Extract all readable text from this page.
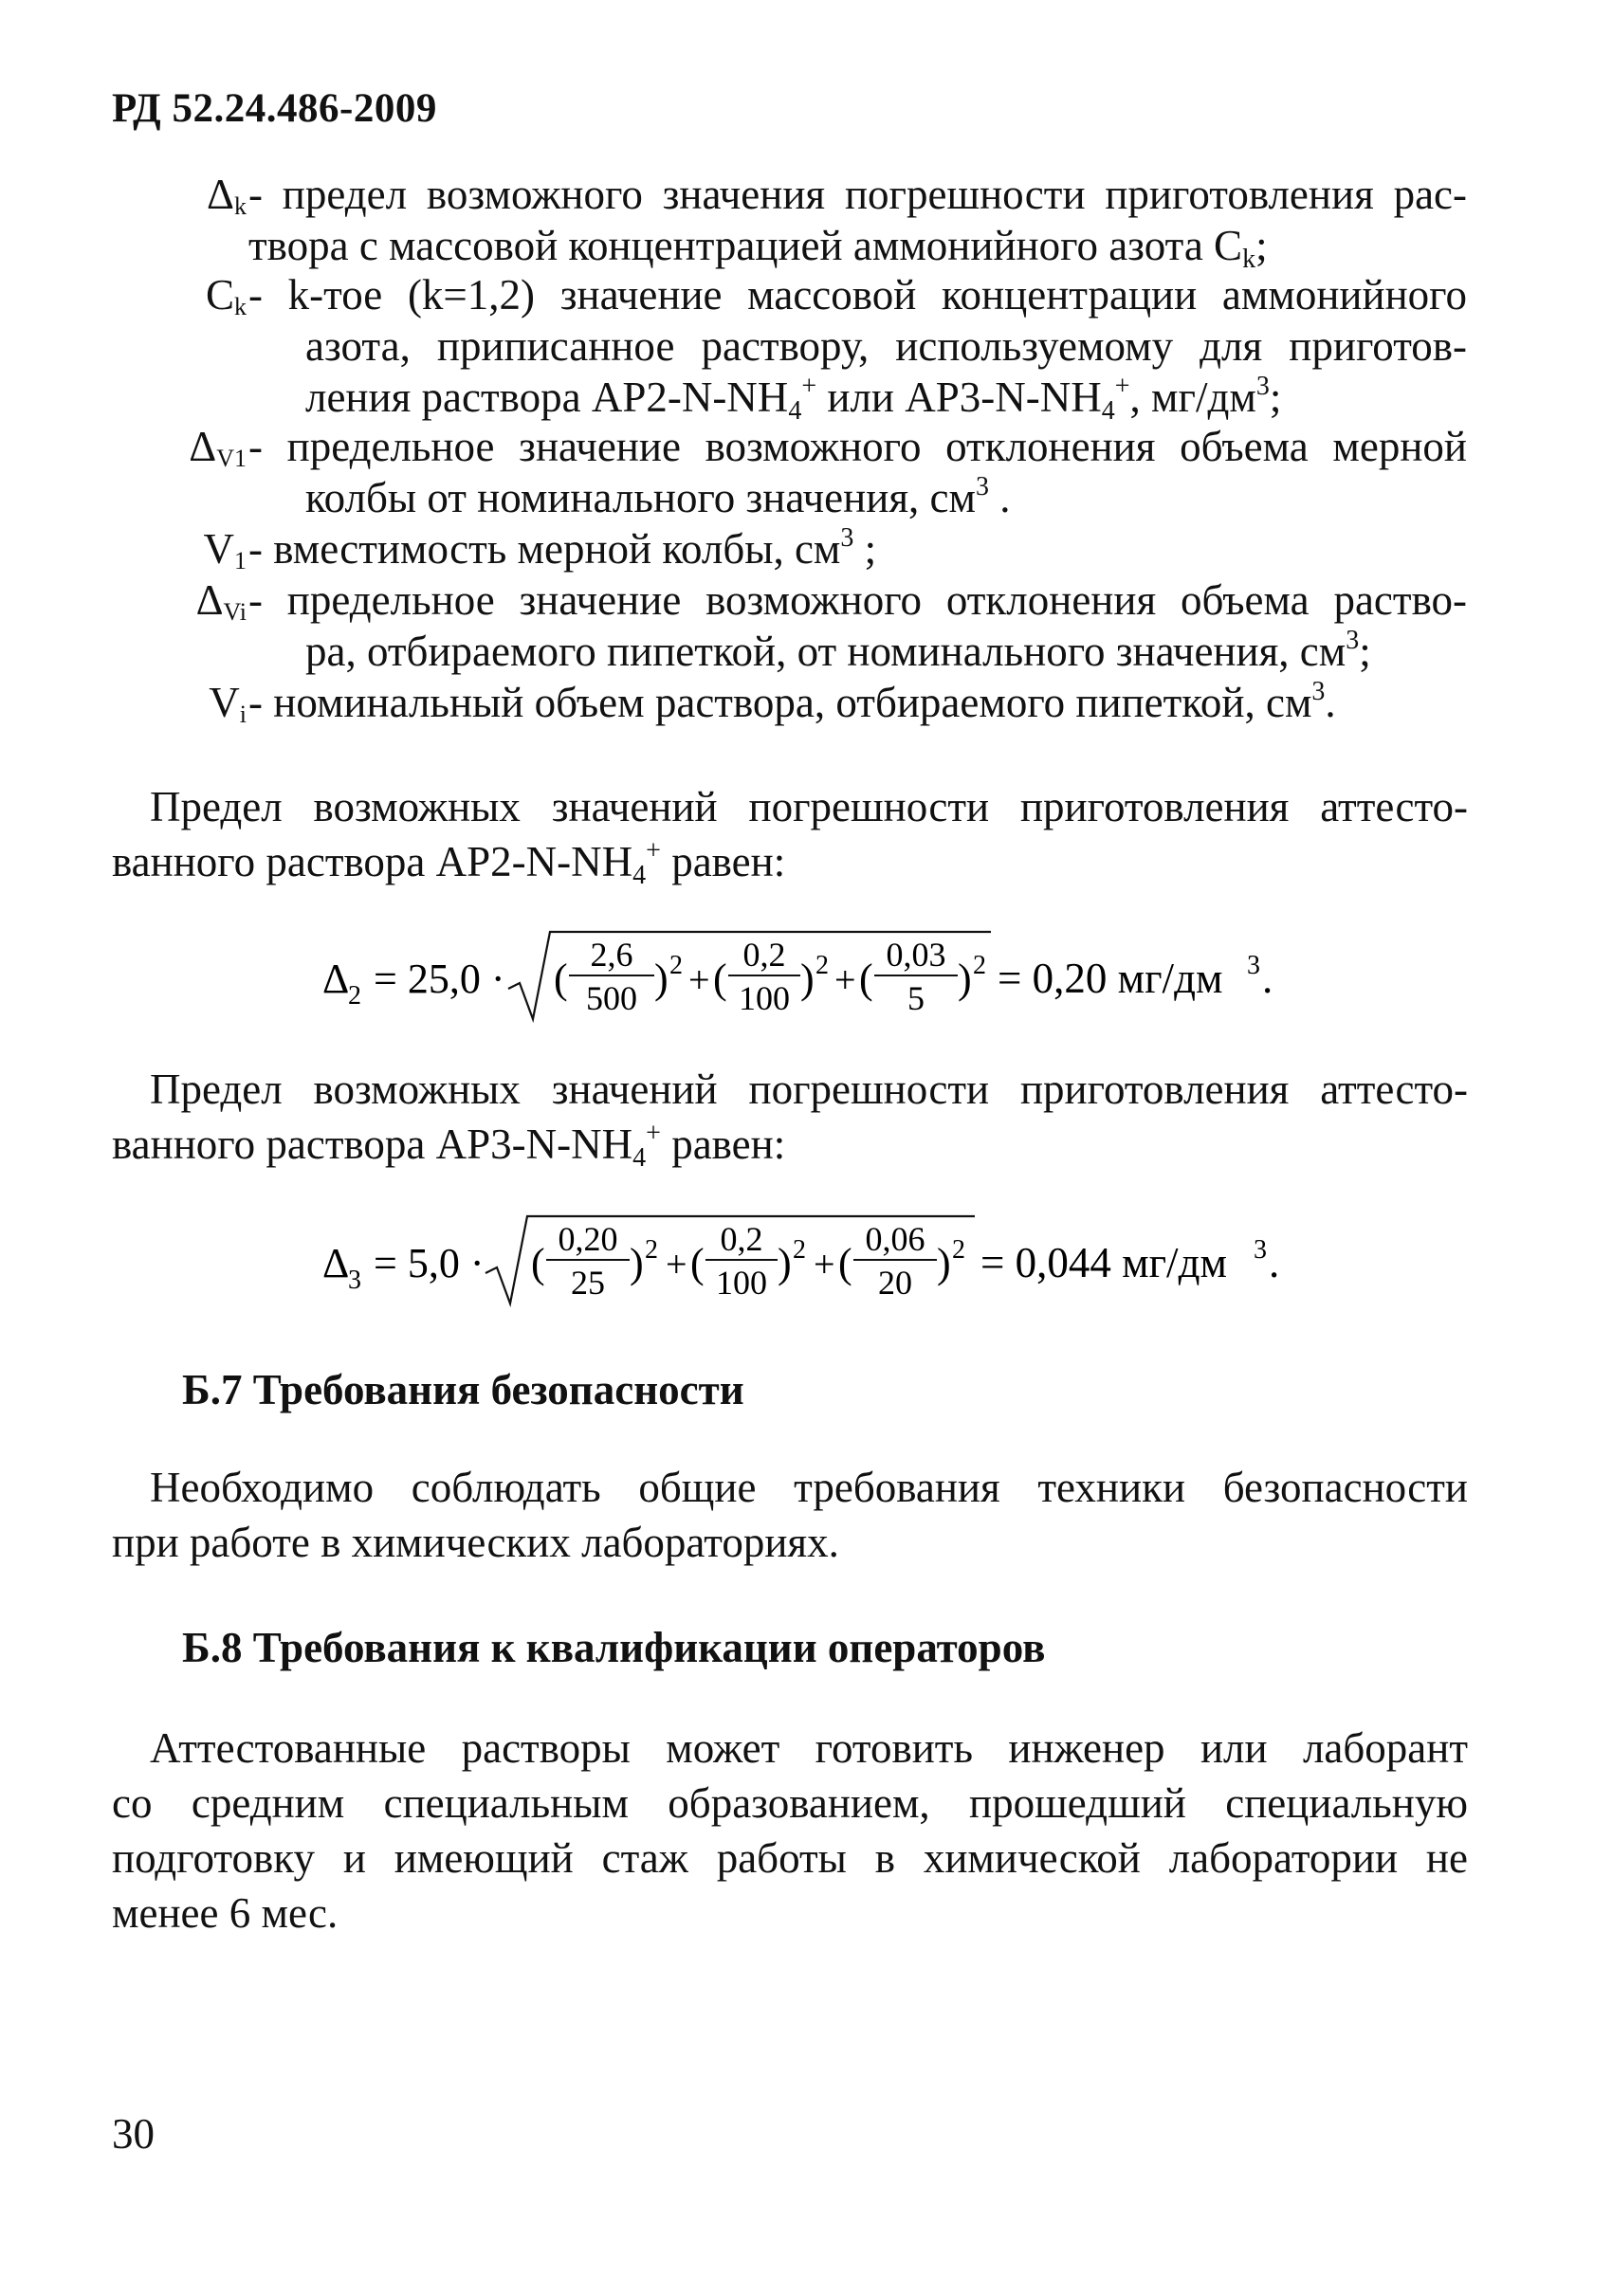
РД 52.24.486-2009
$\Delta_k$ - предел возможного значения погрешности приготовления рас-
твора с массовой концентрацией аммонийного азота $C_k$;
$C_k - k-тое$ (k=1,2) значение массовой концентрации аммонийного
азота, приписанное раствору, используемому для приготов-
ления раствора $АР2-N-NH_4^+$ или $АР3-N-NH_4^+$, $мг/дм^3$;
$\Delta_{V1}$ - предельное значение возможного отклонения объема мерной
колбы от номинального значения, $см^3$ .
$V_1$ - вместимость мерной колбы, $см^3$ ;
$\Delta_{Vi}$ - предельное значение возможного отклонения объема раство-
ра, отбираемого пипеткой, от номинального значения, $см^3$;
$V_i$ - номинальный объем раствора, отбираемого пипеткой, $см^3$.
Предел возможных значений погрешности приготовления аттесто-
ванного раствора $АР2-N-NH_4^+$ равен:
Δ
2 = 25,0 · (
2,6
500 ) 2 + (
0,2
100 ) 2 + (
0,03
5 ) 2 = 0,20 мг/дм 3 .
Предел возможных значений погрешности приготовления аттесто-
ванного раствора $АР3-N-NH_4^+$ равен:
Δ
3 = 5,0 · (
0,20
25 ) 2 + (
0,2
100 ) 2 + (
0,06
20 ) 2 = 0,044 мг/дм 3 .
Б.7 Требования безопасности
Необходимо соблюдать общие требования техники безопасности
при работе в химических лабораториях.
Б.8 Требования к квалификации операторов
Аттестованные растворы может готовить инженер или лаборант
со средним специальным образованием, прошедший специальную
подготовку и имеющий стаж работы в химической лаборатории не
менее 6 мес.
30
